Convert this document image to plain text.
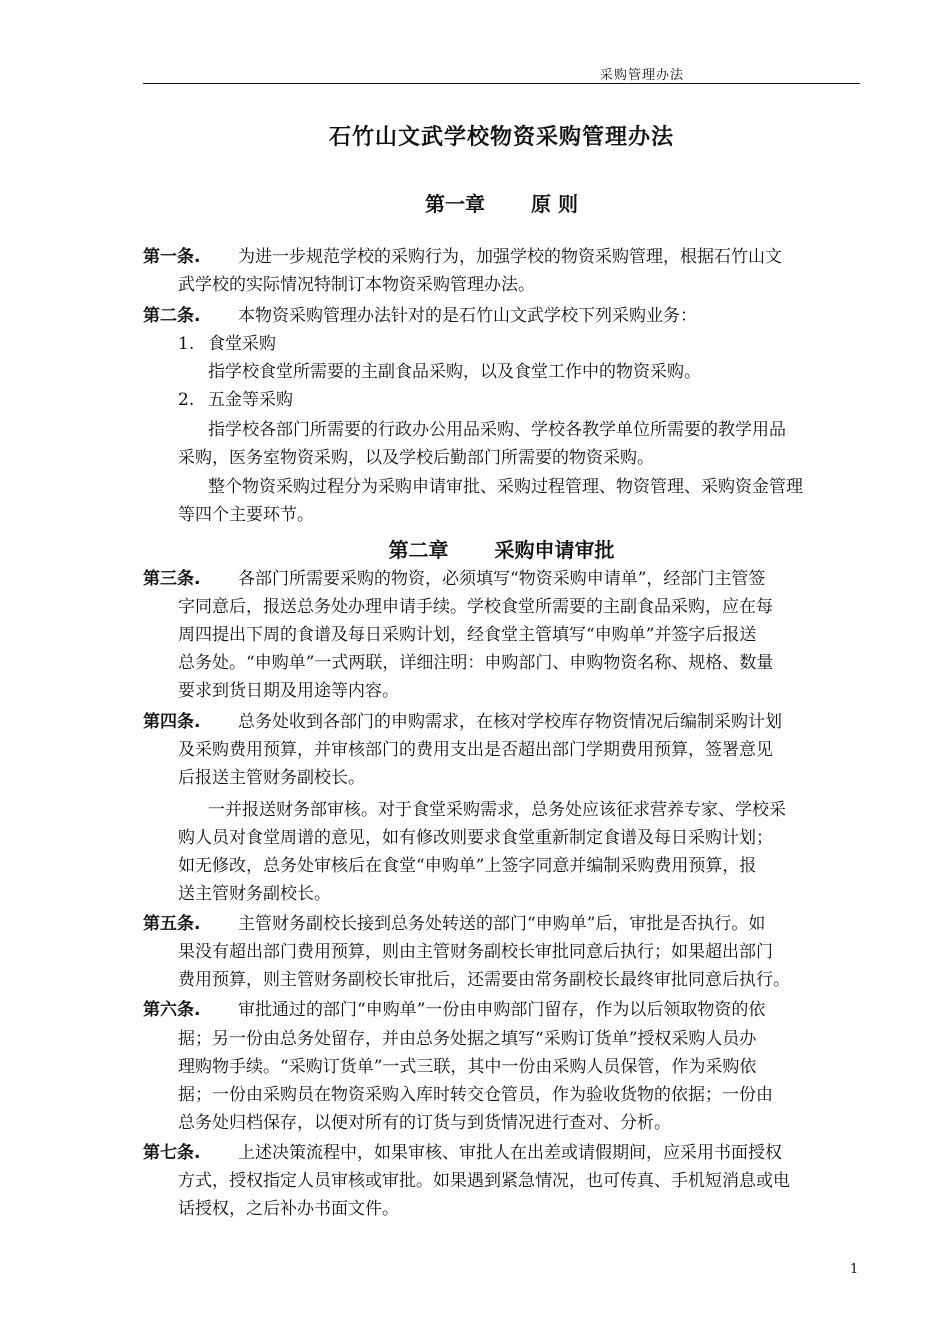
采购管理办法
石竹山文武学校物资采购管理办法
第一章 原 则
第一条. 为进一步规范学校的采购行为，加强学校的物资采购管理，根据石竹山文
武学校的实际情况特制订本物资采购管理办法。
第二条. 本物资采购管理办法针对的是石竹山文武学校下列采购业务：
1. 食堂采购
指学校食堂所需要的主副食品采购，以及食堂工作中的物资采购。
2. 五金等采购
指学校各部门所需要的行政办公用品采购、学校各教学单位所需要的教学用品
采购，医务室物资采购，以及学校后勤部门所需要的物资采购。
整个物资采购过程分为采购申请审批、采购过程管理、物资管理、采购资金管理
等四个主要环节。
第二章 采购申请审批
第三条. 各部门所需要采购的物资，必须填写“物资采购申请单”，经部门主管签
字同意后，报送总务处办理申请手续。学校食堂所需要的主副食品采购，应在每
周四提出下周的食谱及每日采购计划，经食堂主管填写“申购单”并签字后报送
总务处。“申购单”一式两联，详细注明：申购部门、申购物资名称、规格、数量
要求到货日期及用途等内容。
第四条. 总务处收到各部门的申购需求，在核对学校库存物资情况后编制采购计划
及采购费用预算，并审核部门的费用支出是否超出部门学期费用预算，签署意见
后报送主管财务副校长。
一并报送财务部审核。对于食堂采购需求，总务处应该征求营养专家、学校采
购人员对食堂周谱的意见，如有修改则要求食堂重新制定食谱及每日采购计划；
如无修改，总务处审核后在食堂“申购单”上签字同意并编制采购费用预算，报
送主管财务副校长。
第五条. 主管财务副校长接到总务处转送的部门“申购单”后，审批是否执行。如
果没有超出部门费用预算，则由主管财务副校长审批同意后执行；如果超出部门
费用预算，则主管财务副校长审批后，还需要由常务副校长最终审批同意后执行。
第六条. 审批通过的部门“申购单”一份由申购部门留存，作为以后领取物资的依
据；另一份由总务处留存，并由总务处据之填写“采购订货单”授权采购人员办
理购物手续。“采购订货单”一式三联，其中一份由采购人员保管，作为采购依
据；一份由采购员在物资采购入库时转交仓管员，作为验收货物的依据；一份由
总务处归档保存，以便对所有的订货与到货情况进行查对、分析。
第七条. 上述决策流程中，如果审核、审批人在出差或请假期间，应采用书面授权
方式，授权指定人员审核或审批。如果遇到紧急情况，也可传真、手机短消息或电
话授权，之后补办书面文件。
1
